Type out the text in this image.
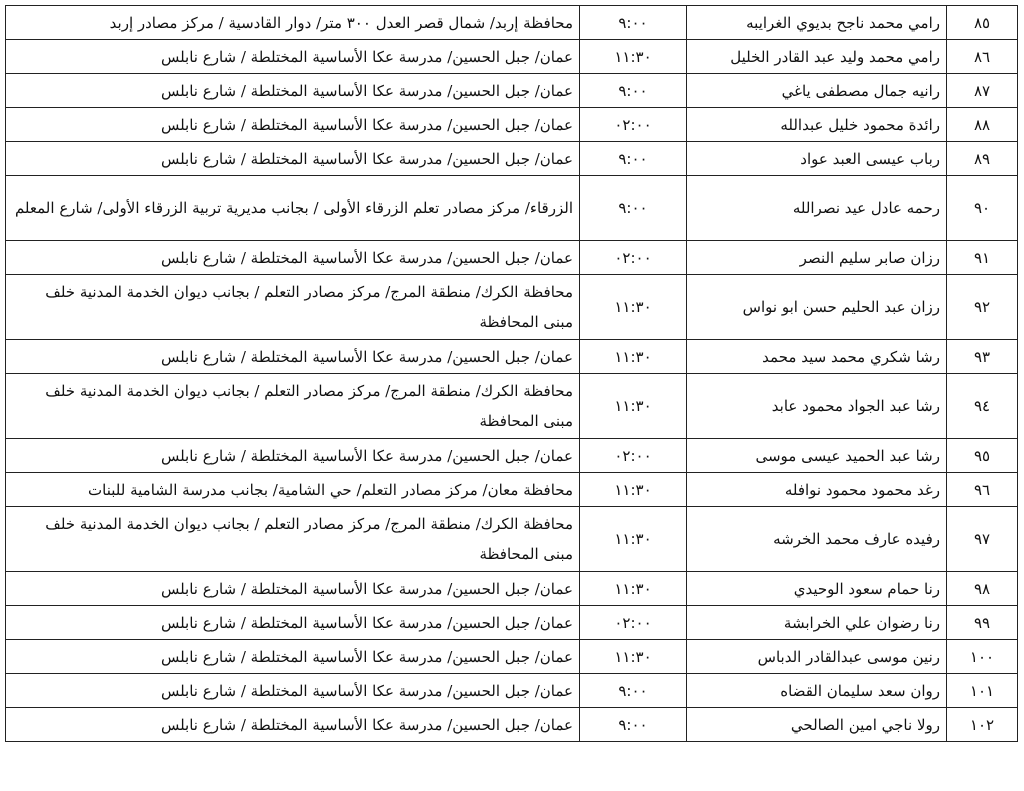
٨٥	رامي محمد ناجح بديوي الغرايبه	٩:٠٠	محافظة إربد/ شمال قصر العدل ٣٠٠ متر/ دوار القادسية / مركز مصادر إربد
٨٦	رامي محمد وليد عبد القادر الخليل	١١:٣٠	عمان/ جبل الحسين/ مدرسة عكا الأساسية المختلطة / شارع نابلس
٨٧	رانيه جمال مصطفى ياغي	٩:٠٠	عمان/ جبل الحسين/ مدرسة عكا الأساسية المختلطة / شارع نابلس
٨٨	رائدة محمود خليل عبدالله	٠٢:٠٠	عمان/ جبل الحسين/ مدرسة عكا الأساسية المختلطة / شارع نابلس
٨٩	رباب عيسى العبد عواد	٩:٠٠	عمان/ جبل الحسين/ مدرسة عكا الأساسية المختلطة / شارع نابلس
٩٠	رحمه عادل عيد نصرالله	٩:٠٠	الزرقاء/ مركز مصادر تعلم الزرقاء الأولى / بجانب مديرية تربية الزرقاء الأولى/ شارع المعلم
٩١	رزان صابر سليم النصر	٠٢:٠٠	عمان/ جبل الحسين/ مدرسة عكا الأساسية المختلطة / شارع نابلس
٩٢	رزان عبد الحليم حسن ابو نواس	١١:٣٠	محافظة الكرك/ منطقة المرج/ مركز مصادر التعلم / بجانب ديوان الخدمة المدنية خلف مبنى المحافظة
٩٣	رشا شكري محمد سيد محمد	١١:٣٠	عمان/ جبل الحسين/ مدرسة عكا الأساسية المختلطة / شارع نابلس
٩٤	رشا عبد الجواد محمود عابد	١١:٣٠	محافظة الكرك/ منطقة المرج/ مركز مصادر التعلم / بجانب ديوان الخدمة المدنية خلف مبنى المحافظة
٩٥	رشا عبد الحميد عيسى موسى	٠٢:٠٠	عمان/ جبل الحسين/ مدرسة عكا الأساسية المختلطة / شارع نابلس
٩٦	رغد محمود محمود نوافله	١١:٣٠	محافظة معان/ مركز مصادر التعلم/ حي الشامية/ بجانب مدرسة الشامية للبنات
٩٧	رفيده عارف محمد الخرشه	١١:٣٠	محافظة الكرك/ منطقة المرج/ مركز مصادر التعلم / بجانب ديوان الخدمة المدنية خلف مبنى المحافظة
٩٨	رنا حمام سعود الوحيدي	١١:٣٠	عمان/ جبل الحسين/ مدرسة عكا الأساسية المختلطة / شارع نابلس
٩٩	رنا رضوان علي الخرابشة	٠٢:٠٠	عمان/ جبل الحسين/ مدرسة عكا الأساسية المختلطة / شارع نابلس
١٠٠	رنين موسى عبدالقادر الدباس	١١:٣٠	عمان/ جبل الحسين/ مدرسة عكا الأساسية المختلطة / شارع نابلس
١٠١	روان سعد سليمان القضاه	٩:٠٠	عمان/ جبل الحسين/ مدرسة عكا الأساسية المختلطة / شارع نابلس
١٠٢	رولا ناجي امين الصالحي	٩:٠٠	عمان/ جبل الحسين/ مدرسة عكا الأساسية المختلطة / شارع نابلس
